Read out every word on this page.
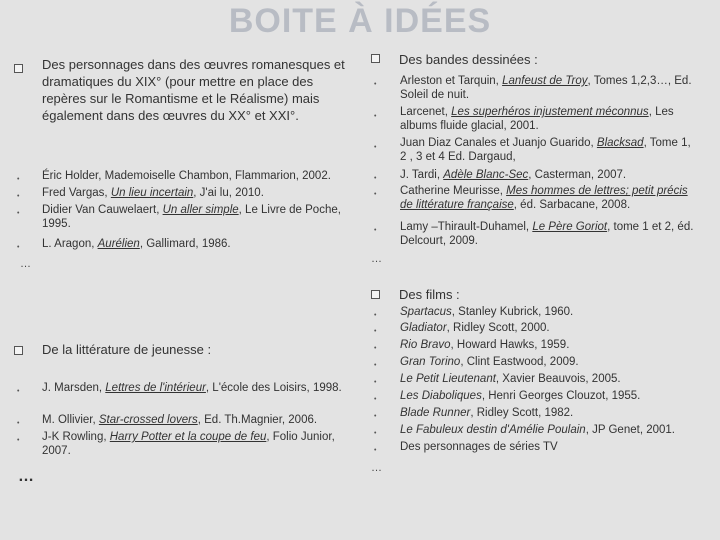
BOITE À IDÉES
Des personnages dans des œuvres romanesques et dramatiques du XIX° (pour mettre en place des repères sur le Romantisme et le Réalisme) mais également dans des œuvres du XX° et XXI°.
• Éric Holder, Mademoiselle Chambon, Flammarion, 2002.
• Fred Vargas, Un lieu incertain, J'ai lu, 2010.
• Didier Van Cauwelaert, Un aller simple, Le Livre de Poche, 1995.
• L. Aragon, Aurélien, Gallimard, 1986.
…
De la littérature de jeunesse :
• J. Marsden, Lettres de l'intérieur, L'école des Loisirs, 1998.
• M. Ollivier, Star-crossed lovers, Ed. Th.Magnier, 2006.
• J-K Rowling, Harry Potter et la coupe de feu, Folio Junior, 2007.
…
Des bandes dessinées :
• Arleston et Tarquin, Lanfeust de Troy, Tomes 1,2,3…, Ed. Soleil de nuit.
• Larcenet, Les superhéros injustement méconnus, Les albums fluide glacial, 2001.
• Juan Diaz Canales et Juanjo Guarido, Blacksad, Tome 1, 2 , 3 et 4 Ed. Dargaud,
• J. Tardi, Adèle Blanc-Sec, Casterman, 2007.
• Catherine Meurisse, Mes hommes de lettres; petit précis de littérature française, éd. Sarbacane, 2008.
• Lamy –Thirault-Duhamel, Le Père Goriot, tome 1 et 2, éd. Delcourt, 2009.
…
Des films :
• Spartacus, Stanley Kubrick, 1960.
• Gladiator, Ridley Scott, 2000.
• Rio Bravo, Howard Hawks, 1959.
• Gran Torino, Clint Eastwood, 2009.
• Le Petit Lieutenant, Xavier Beauvois, 2005.
• Les Diaboliques, Henri Georges Clouzot, 1955.
• Blade Runner, Ridley Scott, 1982.
• Le Fabuleux destin d'Amélie Poulain, JP Genet, 2001.
• Des personnages de séries TV
…
